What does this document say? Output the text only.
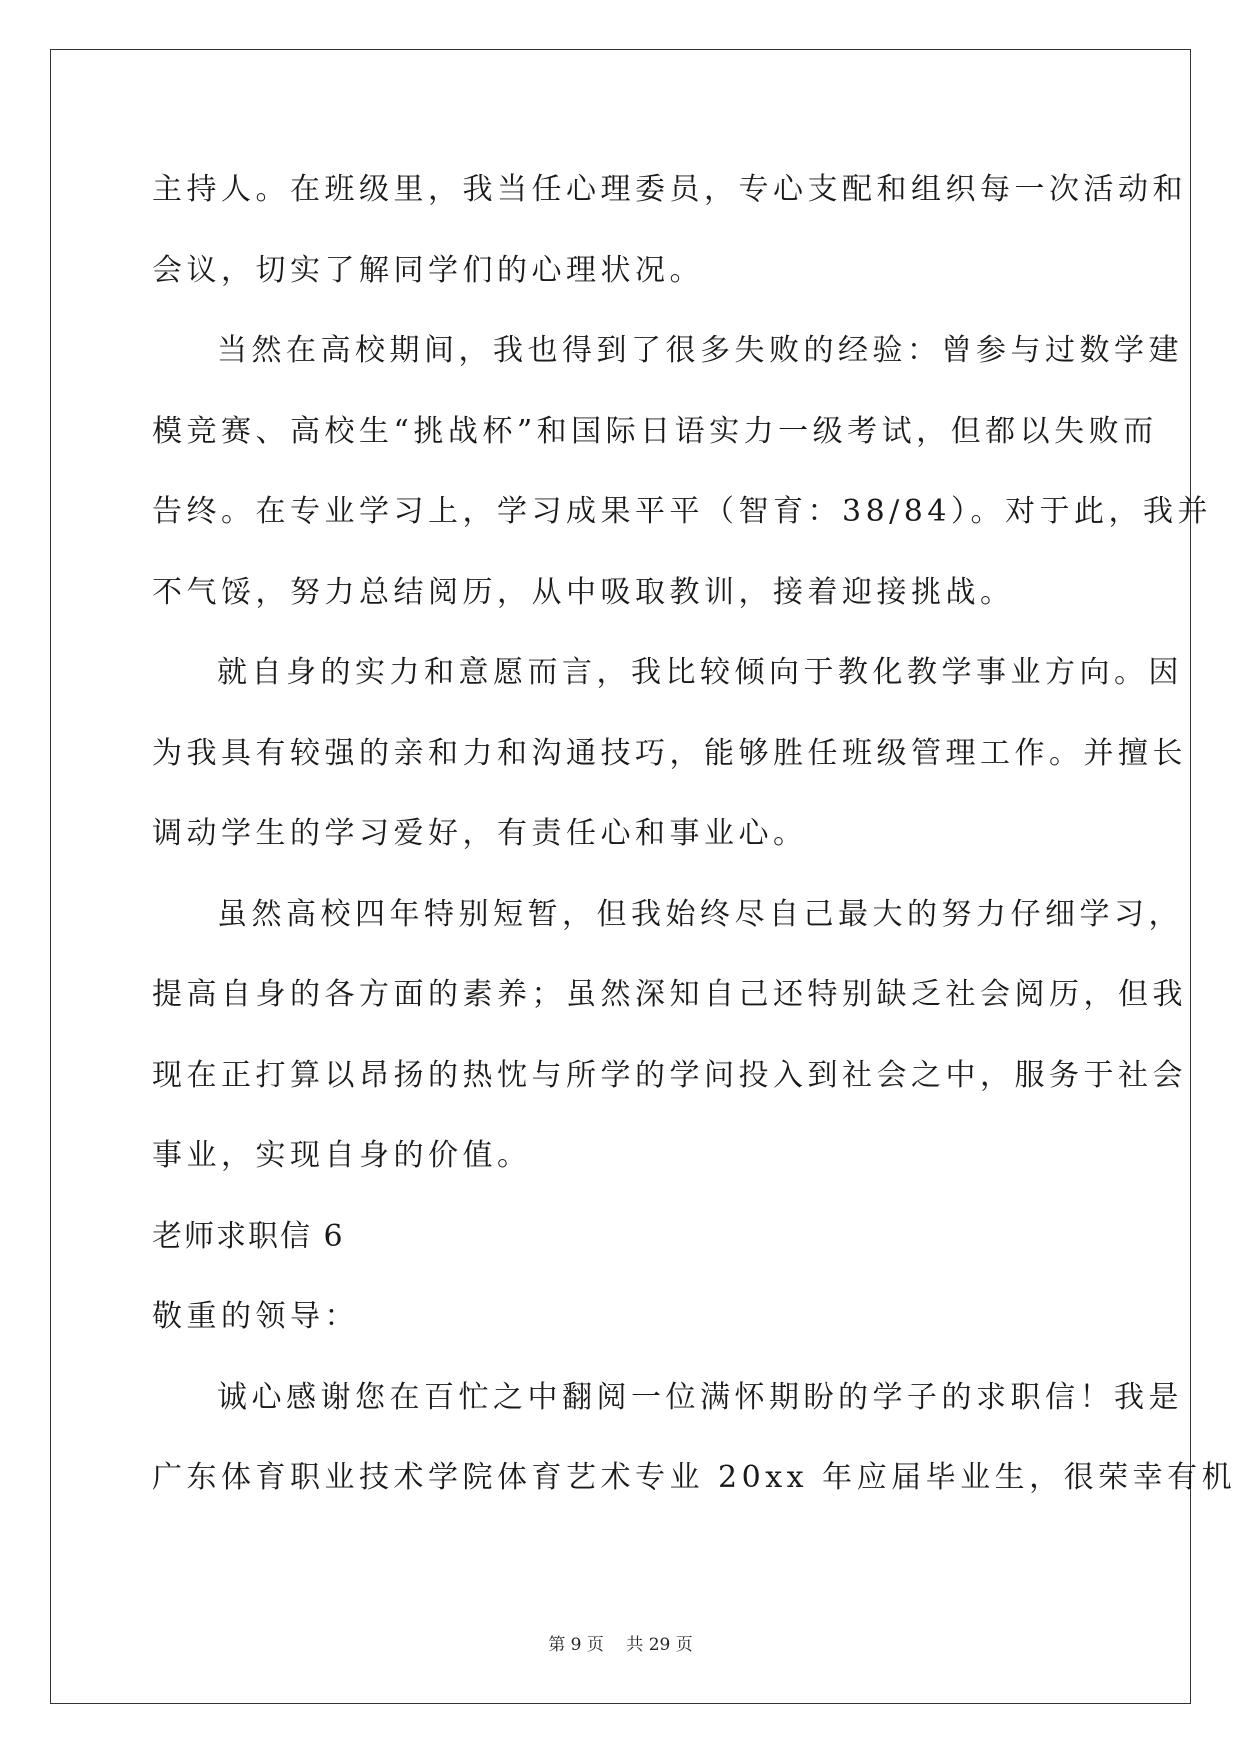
主持人。在班级里，我当任心理委员，专心支配和组织每一次活动和
会议，切实了解同学们的心理状况。
当然在高校期间，我也得到了很多失败的经验：曾参与过数学建
模竞赛、高校生“挑战杯”和国际日语实力一级考试，但都以失败而
告终。在专业学习上，学习成果平平（智育：38/84）。对于此，我并
不气馁，努力总结阅历，从中吸取教训，接着迎接挑战。
就自身的实力和意愿而言，我比较倾向于教化教学事业方向。因
为我具有较强的亲和力和沟通技巧，能够胜任班级管理工作。并擅长
调动学生的学习爱好，有责任心和事业心。
虽然高校四年特别短暂，但我始终尽自己最大的努力仔细学习，
提高自身的各方面的素养；虽然深知自己还特别缺乏社会阅历，但我
现在正打算以昂扬的热忱与所学的学问投入到社会之中，服务于社会
事业，实现自身的价值。
老师求职信 6
敬重的领导：
诚心感谢您在百忙之中翻阅一位满怀期盼的学子的求职信！我是
广东体育职业技术学院体育艺术专业 20xx 年应届毕业生，很荣幸有机
第 9 页　 共 29 页
